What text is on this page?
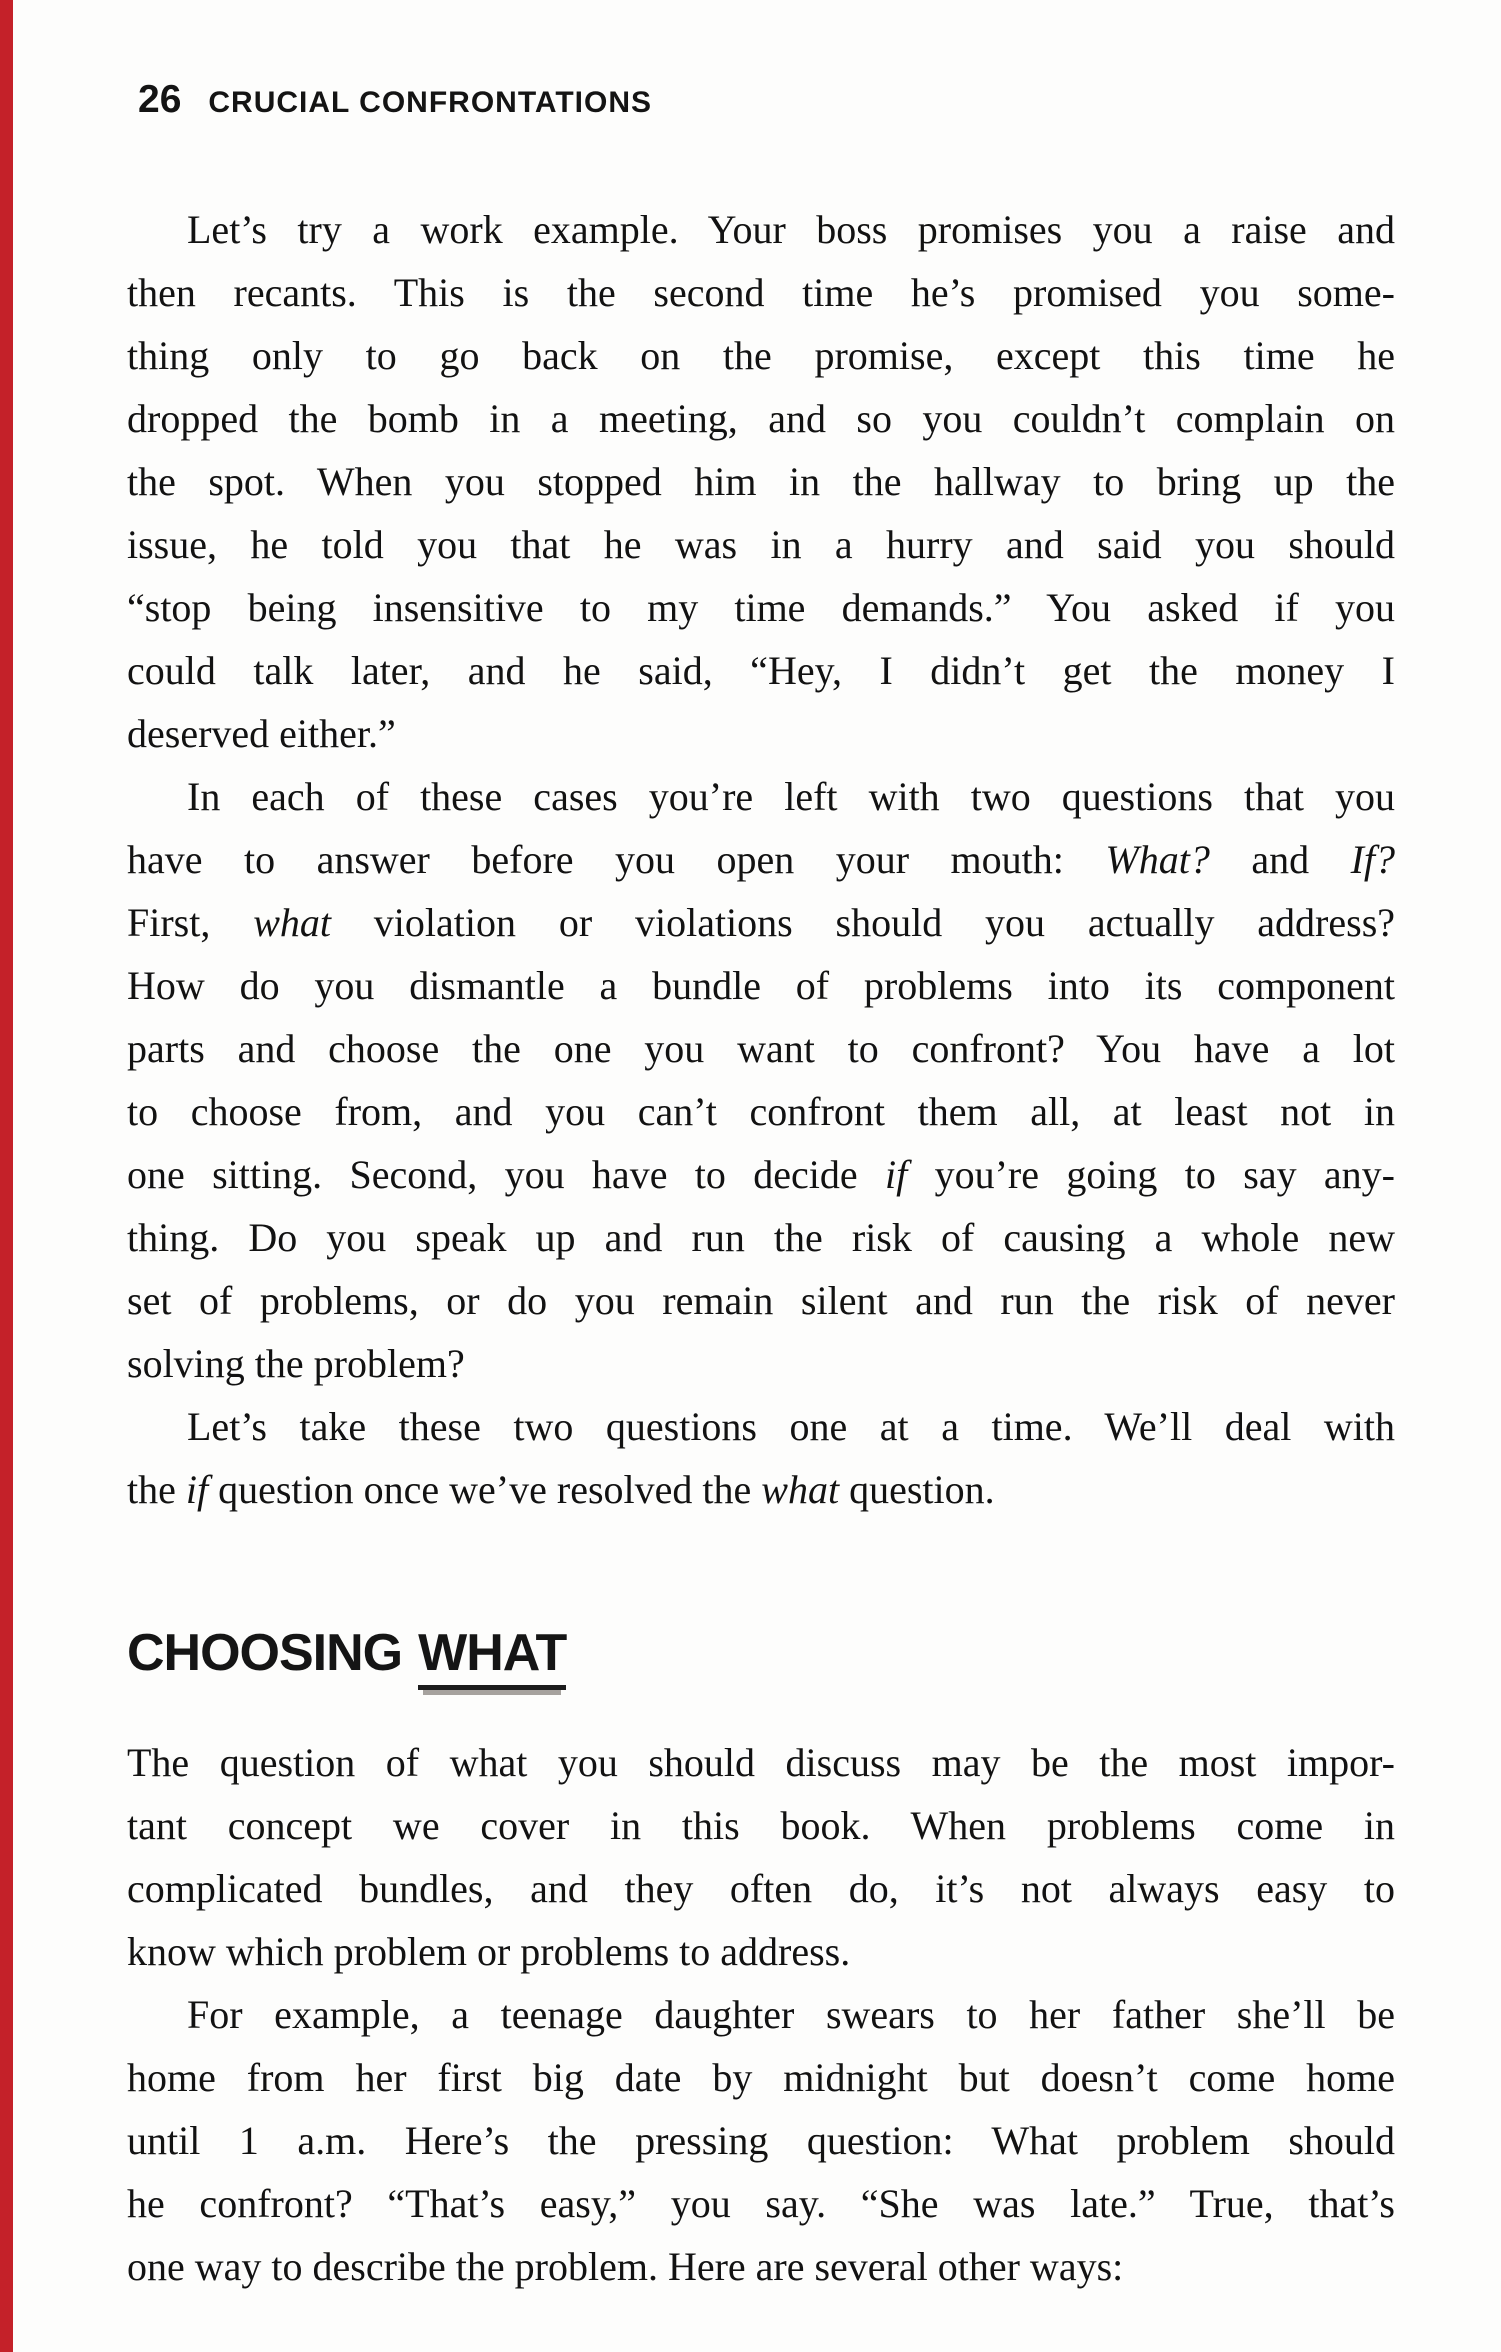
26 CRUCIAL CONFRONTATIONS
Let’s try a work example. Your boss promises you a raise and
then recants. This is the second time he’s promised you some-
thing only to go back on the promise, except this time he
dropped the bomb in a meeting, and so you couldn’t complain on
the spot. When you stopped him in the hallway to bring up the
issue, he told you that he was in a hurry and said you should
“stop being insensitive to my time demands.” You asked if you
could talk later, and he said, “Hey, I didn’t get the money I
deserved either.”
In each of these cases you’re left with two questions that you
have to answer before you open your mouth: What? and If?
First, what violation or violations should you actually address?
How do you dismantle a bundle of problems into its component
parts and choose the one you want to confront? You have a lot
to choose from, and you can’t confront them all, at least not in
one sitting. Second, you have to decide if you’re going to say any-
thing. Do you speak up and run the risk of causing a whole new
set of problems, or do you remain silent and run the risk of never
solving the problem?
Let’s take these two questions one at a time. We’ll deal with
the if question once we’ve resolved the what question.
CHOOSING WHAT
The question of what you should discuss may be the most impor-
tant concept we cover in this book. When problems come in
complicated bundles, and they often do, it’s not always easy to
know which problem or problems to address.
For example, a teenage daughter swears to her father she’ll be
home from her first big date by midnight but doesn’t come home
until 1 a.m. Here’s the pressing question: What problem should
he confront? “That’s easy,” you say. “She was late.” True, that’s
one way to describe the problem. Here are several other ways:
